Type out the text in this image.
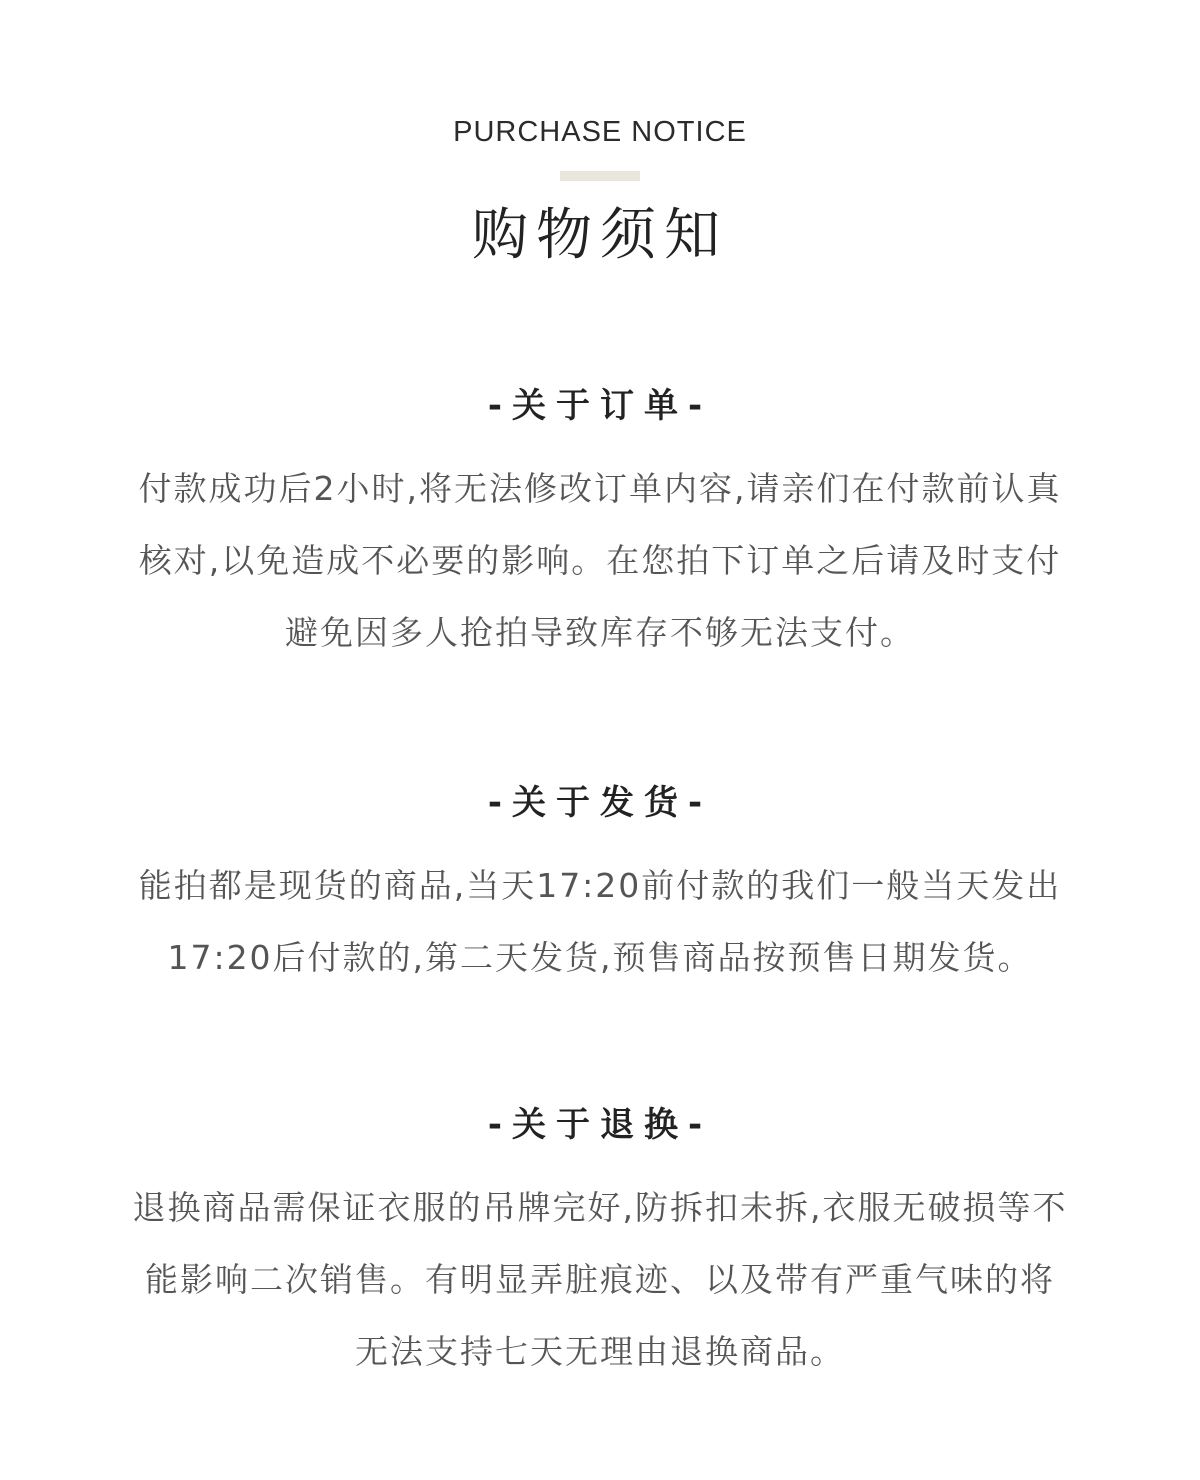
PURCHASE NOTICE
购物须知
-关于订单-
付款成功后2小时,将无法修改订单内容,请亲们在付款前认真
核对,以免造成不必要的影响。在您拍下订单之后请及时支付
避免因多人抢拍导致库存不够无法支付。
-关于发货-
能拍都是现货的商品,当天17:20前付款的我们一般当天发出
17:20后付款的,第二天发货,预售商品按预售日期发货。
-关于退换-
退换商品需保证衣服的吊牌完好,防拆扣未拆,衣服无破损等不
能影响二次销售。有明显弄脏痕迹、以及带有严重气味的将
无法支持七天无理由退换商品。
